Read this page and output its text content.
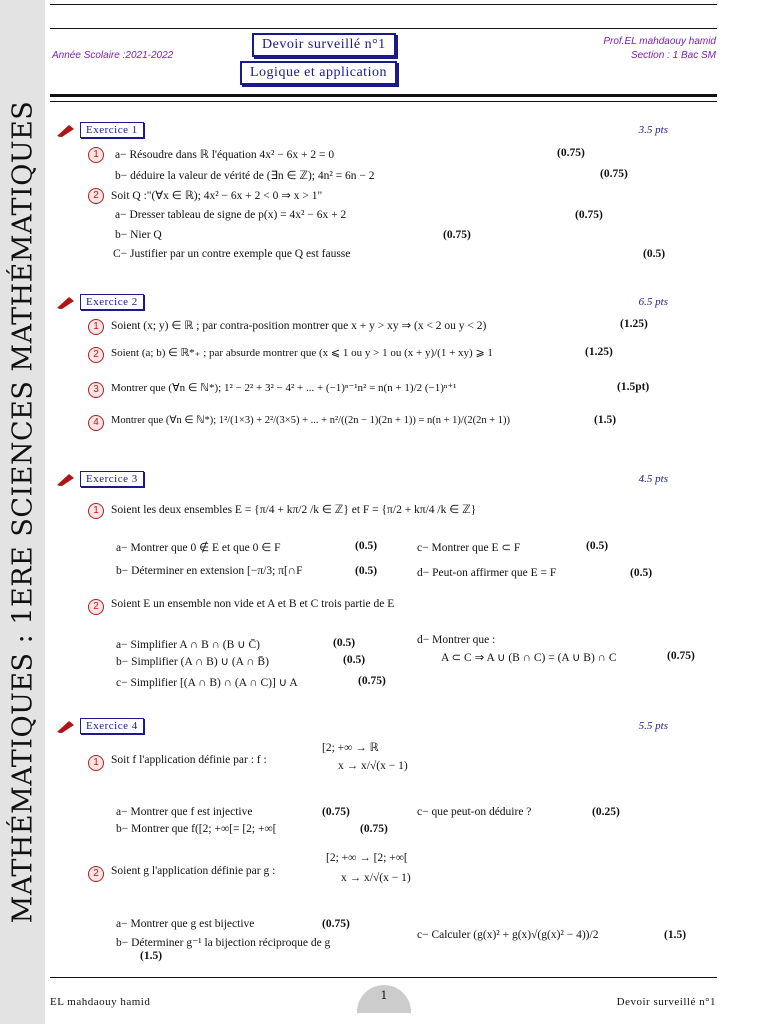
MATHÉMATIQUES : 1ERE SCIENCES MATHÉMATIQUES
Année Scolaire :2021-2022
Prof.EL mahdaouy hamid
Section : 1 Bac SM
Devoir surveillé n°1
Logique et application
Exercice 1	3.5 pts
1	a− Résoudre dans ℝ l'équation 4x² − 6x + 2 = 0	(0.75)
b− déduire la valeur de vérité de (∃n ∈ ℤ); 4n² = 6n − 2	(0.75)
2	Soit Q :"(∀x ∈ ℝ); 4x² − 6x + 2 < 0 ⇒ x > 1"
a− Dresser tableau de signe de p(x) = 4x² − 6x + 2	(0.75)
b− Nier Q	(0.75)
C− Justifier par un contre exemple que Q est fausse	(0.5)
Exercice 2	6.5 pts
1	Soient (x; y) ∈ ℝ ; par contra-position montrer que x + y > xy ⇒ (x < 2 ou y < 2)	(1.25)
2	Soient (a; b) ∈ ℝ*₊ ; par absurde montrer que (x ⩽ 1 ou y > 1 ou (x + y)/(1 + xy) ⩾ 1	(1.25)
3	Montrer que (∀n ∈ ℕ*); 1² − 2² + 3² − 4² + ... + (−1)ⁿ⁻¹n² = n(n + 1)/2 (−1)ⁿ⁺¹	(1.5pt)
4	Montrer que (∀n ∈ ℕ*); 1²/(1×3) + 2²/(3×5) + ... + n²/((2n − 1)(2n + 1)) = n(n + 1)/(2(2n + 1))	(1.5)
Exercice 3	4.5 pts
1	Soient les deux ensembles E = {π/4 + kπ/2 /k ∈ ℤ} et F = {π/2 + kπ/4 /k ∈ ℤ}
a− Montrer que 0 ∉ E et que 0 ∈ F	(0.5)	c− Montrer que E ⊂ F	(0.5)
b− Déterminer en extension [−π/3; π[∩F	(0.5)	d− Peut-on affirmer que E = F	(0.5)
2	Soient E un ensemble non vide et A et B et C trois partie de E
a− Simplifier A ∩ B ∩ (B ∪ C̄)	(0.5)
b− Simplifier (A ∩ B) ∪ (A ∩ B̄)	(0.5)
c− Simplifier [(A ∩ B) ∩ (A ∩ C)] ∪ A	(0.75)
d− Montrer que :
A ⊂ C ⇒ A ∪ (B ∩ C) = (A ∪ B) ∩ C	(0.75)
Exercice 4	5.5 pts
1	Soit f l'application définie par : f :
[2; +∞ → ℝ
x → x/√(x − 1)
a− Montrer que f est injective	(0.75)	c− que peut-on déduire ?	(0.25)
b− Montrer que f([2; +∞[= [2; +∞[	(0.75)
2	Soient g l'application définie par g :
[2; +∞ → [2; +∞[
x → x/√(x − 1)
a− Montrer que g est bijective	(0.75)
b− Déterminer g⁻¹ la bijection réciproque de g
(1.5)
c− Calculer (g(x)² + g(x)√(g(x)² − 4))/2	(1.5)
EL mahdaouy hamid	1	Devoir surveillé n°1
